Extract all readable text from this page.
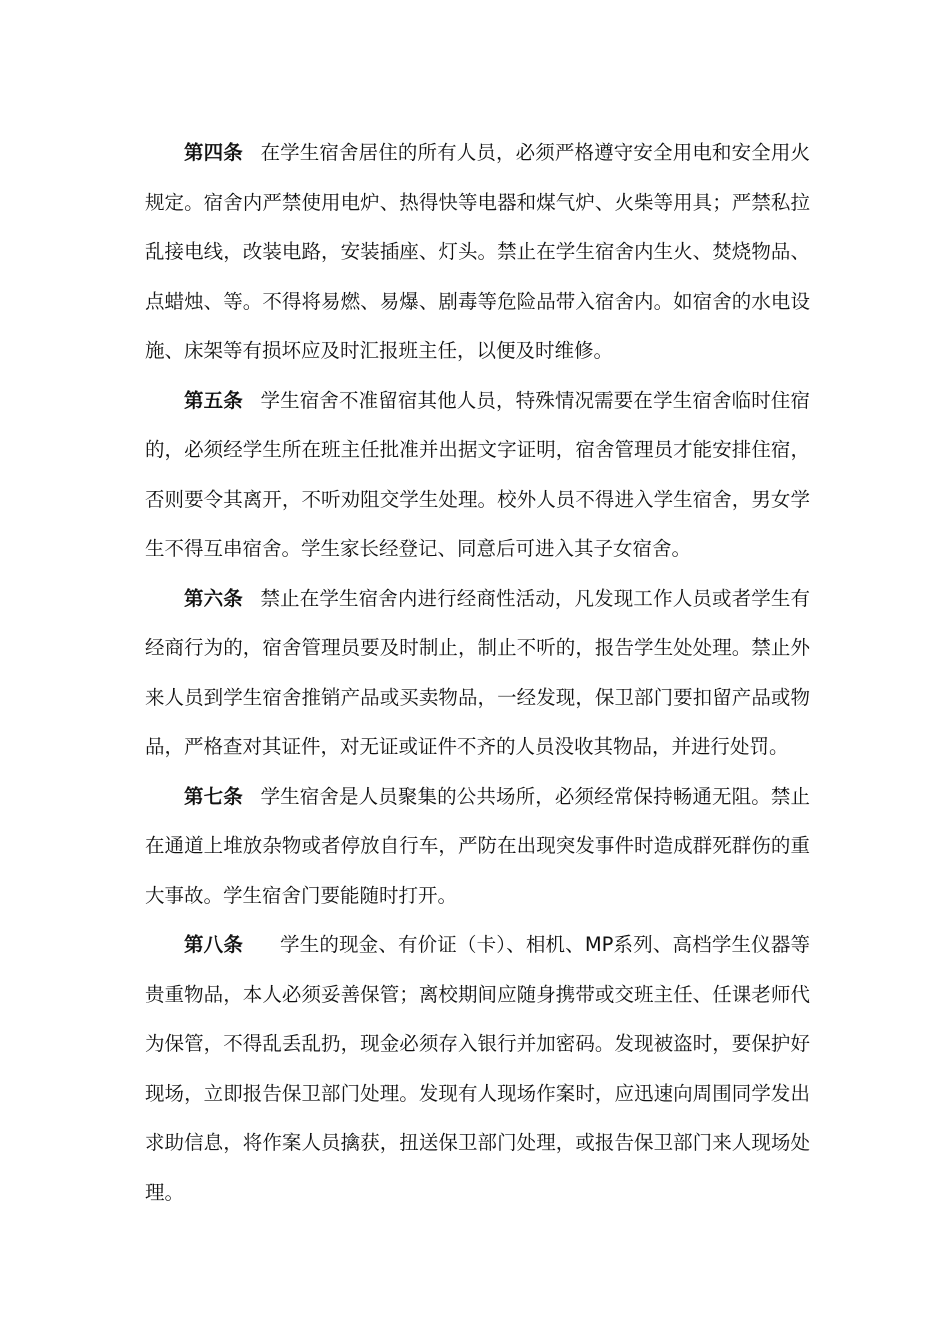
第四条 在学生宿舍居住的所有人员，必须严格遵守安全用电和安全用火规定。宿舍内严禁使用电炉、热得快等电器和煤气炉、火柴等用具；严禁私拉乱接电线，改装电路，安装插座、灯头。禁止在学生宿舍内生火、焚烧物品、点蜡烛、等。不得将易燃、易爆、剧毒等危险品带入宿舍内。如宿舍的水电设施、床架等有损坏应及时汇报班主任，以便及时维修。

第五条 学生宿舍不准留宿其他人员，特殊情况需要在学生宿舍临时住宿的，必须经学生所在班主任批准并出据文字证明，宿舍管理员才能安排住宿，否则要令其离开，不听劝阻交学生处理。校外人员不得进入学生宿舍，男女学生不得互串宿舍。学生家长经登记、同意后可进入其子女宿舍。

第六条 禁止在学生宿舍内进行经商性活动，凡发现工作人员或者学生有经商行为的，宿舍管理员要及时制止，制止不听的，报告学生处处理。禁止外来人员到学生宿舍推销产品或买卖物品，一经发现，保卫部门要扣留产品或物品，严格查对其证件，对无证或证件不齐的人员没收其物品，并进行处罚。

第七条 学生宿舍是人员聚集的公共场所，必须经常保持畅通无阻。禁止在通道上堆放杂物或者停放自行车，严防在出现突发事件时造成群死群伤的重大事故。学生宿舍门要能随时打开。

第八条 学生的现金、有价证（卡）、相机、MP系列、高档学生仪器等贵重物品，本人必须妥善保管；离校期间应随身携带或交班主任、任课老师代为保管，不得乱丢乱扔，现金必须存入银行并加密码。发现被盗时，要保护好现场，立即报告保卫部门处理。发现有人现场作案时，应迅速向周围同学发出求助信息，将作案人员擒获，扭送保卫部门处理，或报告保卫部门来人现场处理。
